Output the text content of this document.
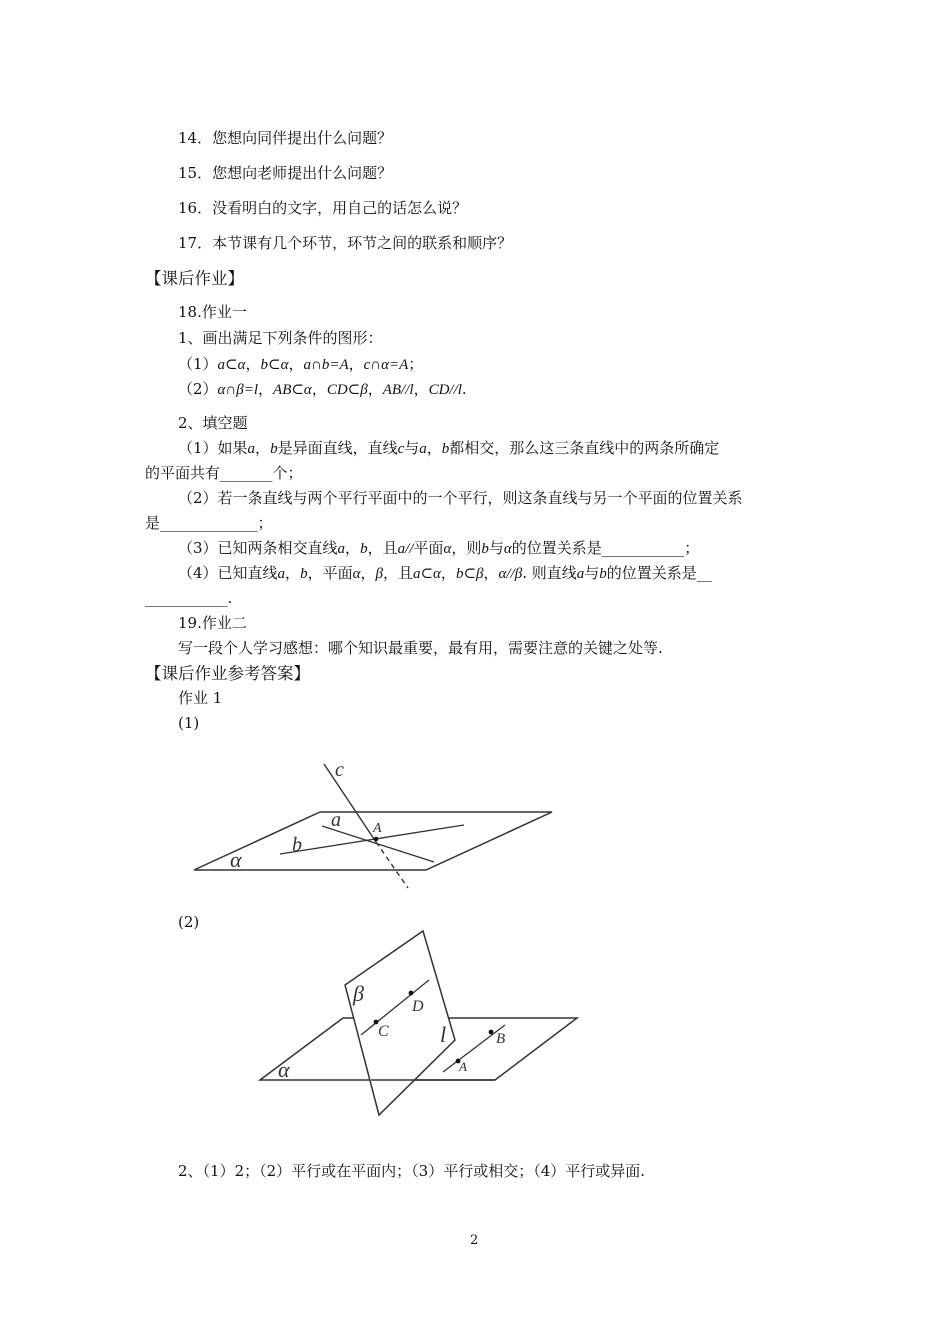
14．您想向同伴提出什么问题？
15．您想向老师提出什么问题？
16．没看明白的文字，用自己的话怎么说？
17．本节课有几个环节，环节之间的联系和顺序？
【课后作业】
18.作业一
1、画出满足下列条件的图形：
（1）a⊂α，b⊂α，a∩b=A，c∩α=A；
（2）α∩β=l，AB⊂α，CD⊂β，AB//l，CD//l.
2、填空题
（1）如果a，b是异面直线，直线c与a，b都相交，那么这三条直线中的两条所确定
的平面共有_______个；
（2）若一条直线与两个平行平面中的一个平行，则这条直线与另一个平面的位置关系
是_____________；
（3）已知两条相交直线a，b，且a//平面α，则b与α的位置关系是___________；
（4）已知直线a，b，平面α，β，且a⊂α，b⊂β，α//β. 则直线a与b的位置关系是__
___________.
19.作业二
写一段个人学习感想：哪个知识最重要，最有用，需要注意的关键之处等.
【课后作业参考答案】
作业 1
(1)
c
a A
b
α
(2)
β
D
C l	B
A
α
2、（1）2；（2）平行或在平面内；（3）平行或相交；（4）平行或异面.
2
